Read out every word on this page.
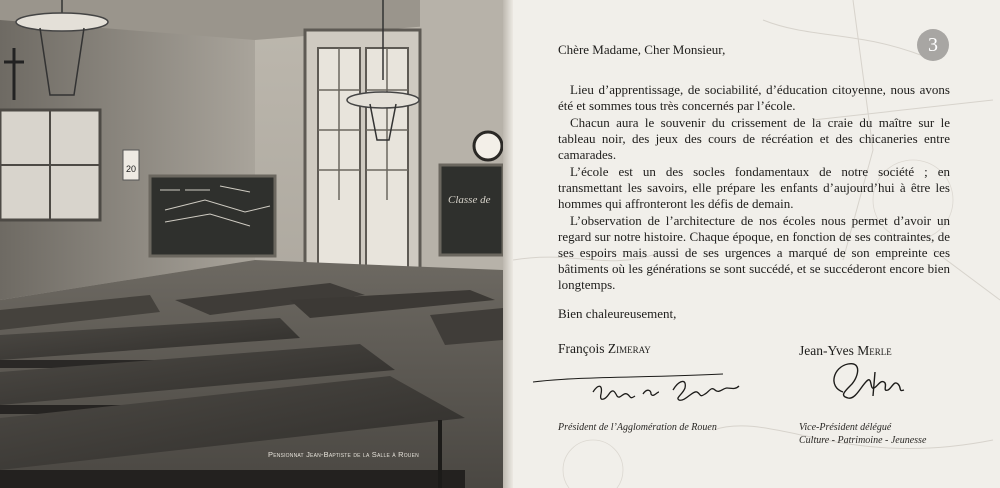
20
Classe de
Pensionnat Jean-Baptiste de la Salle à Rouen
3
Chère Madame, Cher Monsieur,

Lieu d’apprentissage, de sociabilité, d’éducation citoyenne, nous avons été et sommes tous très concernés par l’école.

Chacun aura le souvenir du crissement de la craie du maître sur le tableau noir, des jeux des cours de récréation et des chicaneries entre camarades.

L’école est un des socles fondamentaux de notre société ; en transmettant les savoirs, elle prépare les enfants d’aujourd’hui à être les hommes qui affronteront les défis de demain.

L’observation de l’architecture de nos écoles nous permet d’avoir un regard sur notre histoire. Chaque époque, en fonction de ses contraintes, de ses espoirs mais aussi de ses urgences a marqué de son empreinte ces bâtiments où les générations se sont succédé, et se succéderont encore bien longtemps.

Bien chaleureusement,
François Zimeray	Jean-Yves Merle
Président de l’Agglomération de Rouen	Vice-Président délégué
Culture - Patrimoine - Jeunesse
